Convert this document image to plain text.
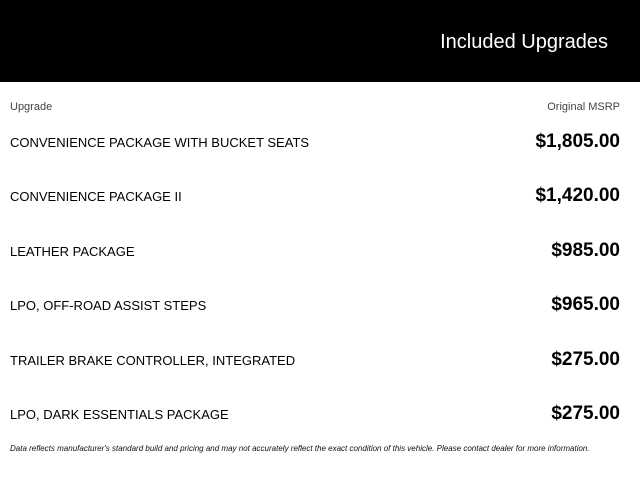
Included Upgrades
Upgrade	Original MSRP
CONVENIENCE PACKAGE WITH BUCKET SEATS	$1,805.00
CONVENIENCE PACKAGE II	$1,420.00
LEATHER PACKAGE	$985.00
LPO, OFF-ROAD ASSIST STEPS	$965.00
TRAILER BRAKE CONTROLLER, INTEGRATED	$275.00
LPO, DARK ESSENTIALS PACKAGE	$275.00
Data reflects manufacturer's standard build and pricing and may not accurately reflect the exact condition of this vehicle. Please contact dealer for more information.
